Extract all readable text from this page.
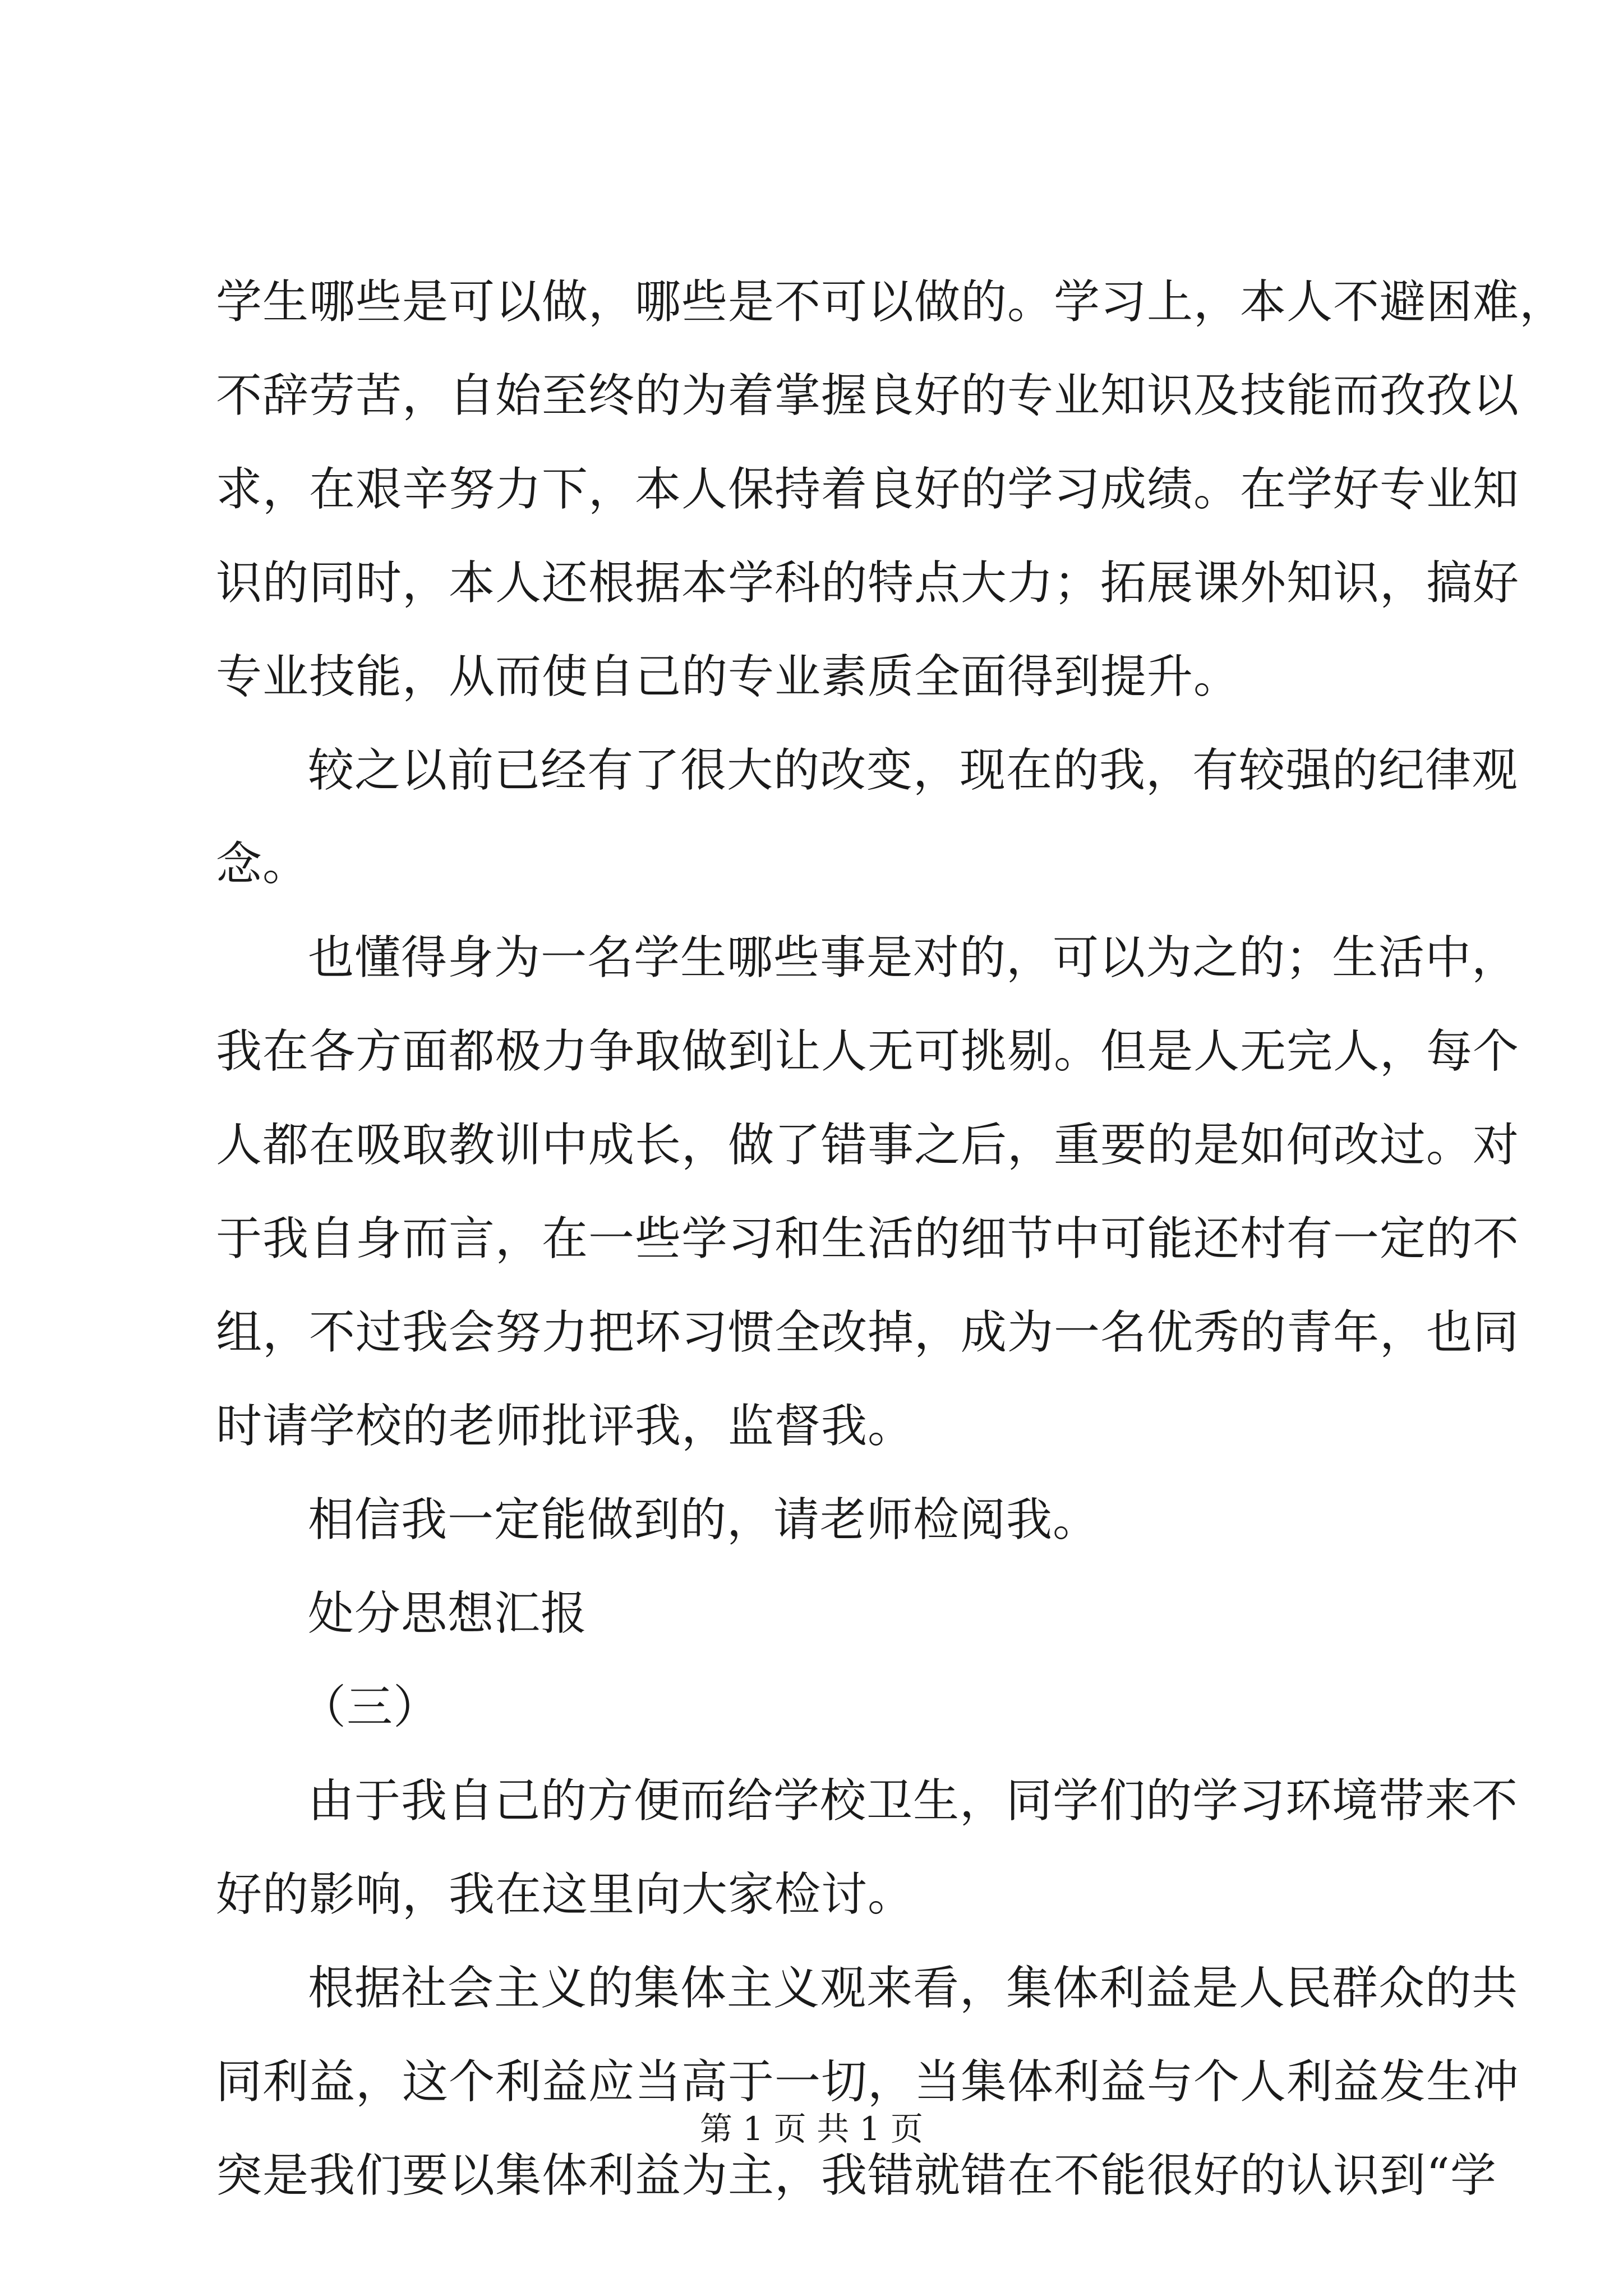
学生哪些是可以做，哪些是不可以做的。学习上，本人不避困难，
不辞劳苦，自始至终的为着掌握良好的专业知识及技能而孜孜以
求，在艰辛努力下，本人保持着良好的学习成绩。在学好专业知
识的同时，本人还根据本学科的特点大力；拓展课外知识，搞好
专业技能，从而使自己的专业素质全面得到提升。
较之以前已经有了很大的改变，现在的我，有较强的纪律观
念。
也懂得身为一名学生哪些事是对的，可以为之的；生活中，
我在各方面都极力争取做到让人无可挑剔。但是人无完人，每个
人都在吸取教训中成长，做了错事之后，重要的是如何改过。对
于我自身而言，在一些学习和生活的细节中可能还村有一定的不
组，不过我会努力把坏习惯全改掉，成为一名优秀的青年，也同
时请学校的老师批评我，监督我。
相信我一定能做到的，请老师检阅我。
处分思想汇报
（三）
由于我自己的方便而给学校卫生，同学们的学习环境带来不
好的影响，我在这里向大家检讨。
根据社会主义的集体主义观来看，集体利益是人民群众的共
同利益，这个利益应当高于一切，当集体利益与个人利益发生冲
突是我们要以集体利益为主，我错就错在不能很好的认识到“学
第 1 页 共 1 页
